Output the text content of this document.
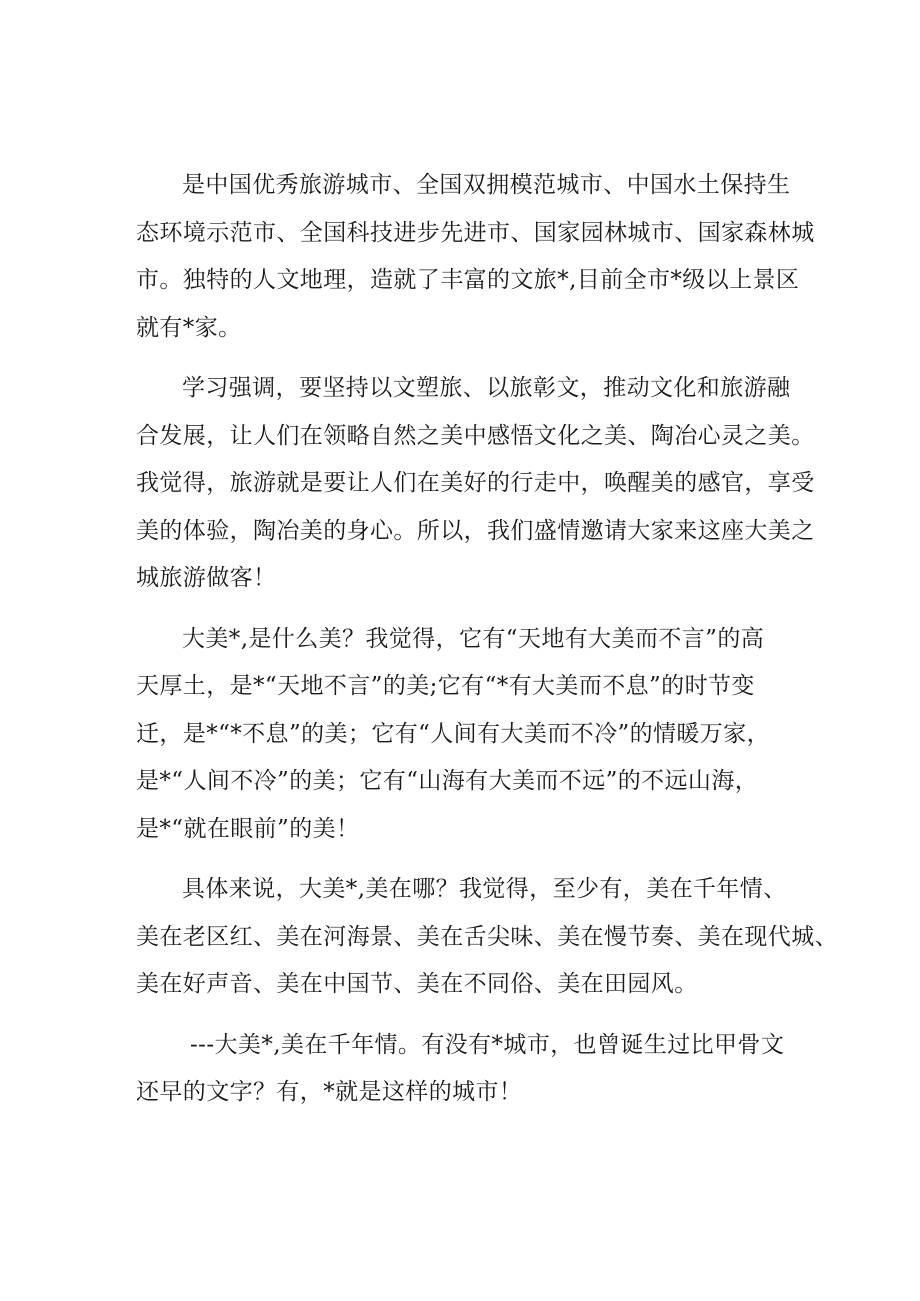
是中国优秀旅游城市、全国双拥模范城市、中国水土保持生
态环境示范市、全国科技进步先进市、国家园林城市、国家森林城
市。独特的人文地理，造就了丰富的文旅*,目前全市*级以上景区
就有*家。

学习强调，要坚持以文塑旅、以旅彰文，推动文化和旅游融
合发展，让人们在领略自然之美中感悟文化之美、陶冶心灵之美。
我觉得，旅游就是要让人们在美好的行走中，唤醒美的感官，享受
美的体验，陶冶美的身心。所以，我们盛情邀请大家来这座大美之
城旅游做客！

大美*,是什么美？我觉得，它有“天地有大美而不言”的高
天厚土，是*“天地不言”的美;它有“*有大美而不息”的时节变
迁，是*“*不息”的美；它有“人间有大美而不冷”的情暖万家，
是*“人间不冷”的美；它有“山海有大美而不远”的不远山海，
是*“就在眼前”的美！

具体来说，大美*,美在哪？我觉得，至少有，美在千年情、
美在老区红、美在河海景、美在舌尖味、美在慢节奏、美在现代城、
美在好声音、美在中国节、美在不同俗、美在田园风。

---大美*,美在千年情。有没有*城市，也曾诞生过比甲骨文
还早的文字？有，*就是这样的城市！
